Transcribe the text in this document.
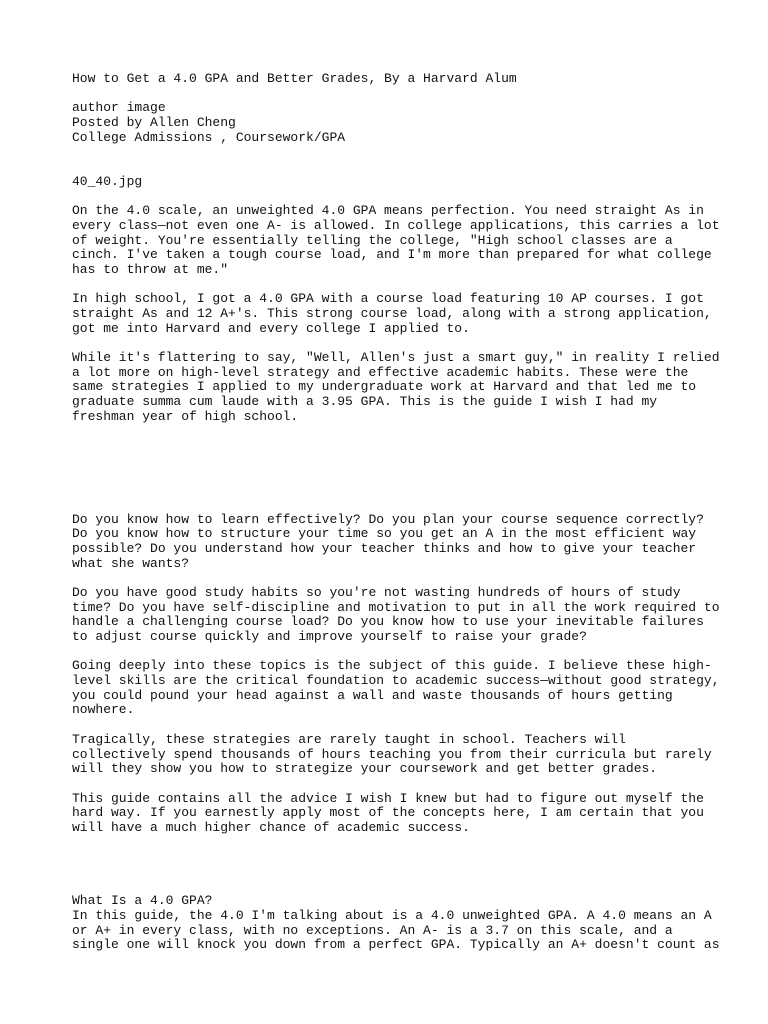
How to Get a 4.0 GPA and Better Grades, By a Harvard Alum
author image
Posted by Allen Cheng
College Admissions , Coursework/GPA
40_40.jpg
On the 4.0 scale, an unweighted 4.0 GPA means perfection. You need straight As in
every class—not even one A- is allowed. In college applications, this carries a lot
of weight. You're essentially telling the college, "High school classes are a
cinch. I've taken a tough course load, and I'm more than prepared for what college
has to throw at me."
In high school, I got a 4.0 GPA with a course load featuring 10 AP courses. I got
straight As and 12 A+'s. This strong course load, along with a strong application,
got me into Harvard and every college I applied to.
While it's flattering to say, "Well, Allen's just a smart guy," in reality I relied
a lot more on high-level strategy and effective academic habits. These were the
same strategies I applied to my undergraduate work at Harvard and that led me to
graduate summa cum laude with a 3.95 GPA. This is the guide I wish I had my
freshman year of high school.
Do you know how to learn effectively? Do you plan your course sequence correctly?
Do you know how to structure your time so you get an A in the most efficient way
possible? Do you understand how your teacher thinks and how to give your teacher
what she wants?
Do you have good study habits so you're not wasting hundreds of hours of study
time? Do you have self-discipline and motivation to put in all the work required to
handle a challenging course load? Do you know how to use your inevitable failures
to adjust course quickly and improve yourself to raise your grade?
Going deeply into these topics is the subject of this guide. I believe these high-
level skills are the critical foundation to academic success—without good strategy,
you could pound your head against a wall and waste thousands of hours getting
nowhere.
Tragically, these strategies are rarely taught in school. Teachers will
collectively spend thousands of hours teaching you from their curricula but rarely
will they show you how to strategize your coursework and get better grades.
This guide contains all the advice I wish I knew but had to figure out myself the
hard way. If you earnestly apply most of the concepts here, I am certain that you
will have a much higher chance of academic success.
What Is a 4.0 GPA?
In this guide, the 4.0 I'm talking about is a 4.0 unweighted GPA. A 4.0 means an A
or A+ in every class, with no exceptions. An A- is a 3.7 on this scale, and a
single one will knock you down from a perfect GPA. Typically an A+ doesn't count as
